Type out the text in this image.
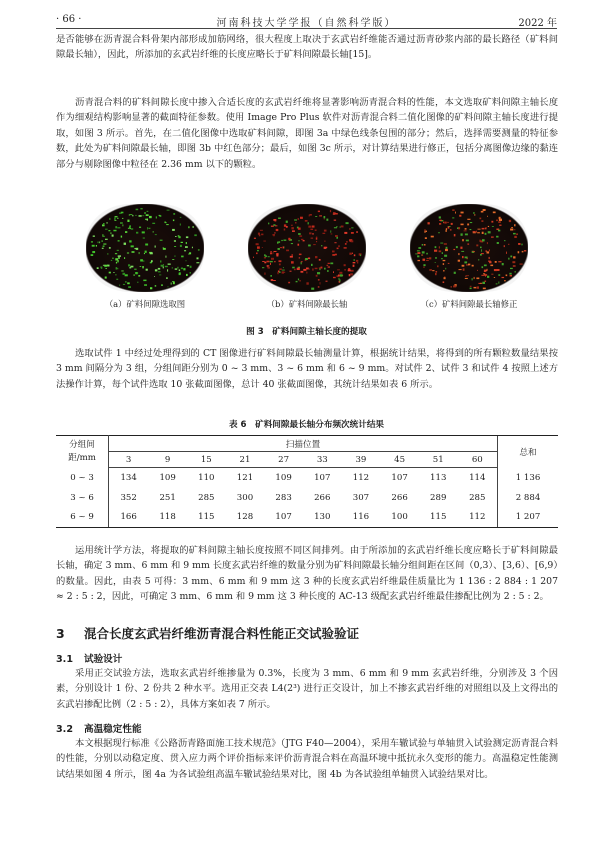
· 66 ·	河南科技大学学报（自然科学版）	2022 年

是否能够在沥青混合料骨架内部形成加筋网络，很大程度上取决于玄武岩纤维能否通过沥青砂浆内部的最长路径（矿料间隙最长轴），因此，所添加的玄武岩纤维的长度应略长于矿料间隙最长轴[15]。

沥青混合料的矿料间隙长度中掺入合适长度的玄武岩纤维将显著影响沥青混合料的性能，本文选取矿料间隙主轴长度作为细观结构影响显著的截面特征参数。使用 Image Pro Plus 软件对沥青混合料二值化图像的矿料间隙主轴长度进行提取，如图 3 所示。首先，在二值化图像中选取矿料间隙，即图 3a 中绿色线条包围的部分；然后，选择需要测量的特征参数，此处为矿料间隙最长轴，即图 3b 中红色部分；最后，如图 3c 所示，对计算结果进行修正，包括分离图像边缘的黏连部分与剔除图像中粒径在 2.36 mm 以下的颗粒。

（a）矿料间隙选取图	（b）矿料间隙最长轴	（c）矿料间隙最长轴修正
图 3　矿料间隙主轴长度的提取

选取试件 1 中经过处理得到的 CT 图像进行矿料间隙最长轴测量计算，根据统计结果，将得到的所有颗粒数量结果按 3 mm 间隔分为 3 组，分组间距分别为 0 ~ 3 mm、3 ~ 6 mm 和 6 ~ 9 mm。对试件 2、试件 3 和试件 4 按照上述方法操作计算，每个试件选取 10 张截面图像，总计 40 张截面图像，其统计结果如表 6 所示。

表 6　矿料间隙最长轴分布频次统计结果
分组间
距/mm	扫描位置										总和
	3	9	15	21	27	33	39	45	51	60	
0 ~ 3	134	109	110	121	109	107	112	107	113	114	1 136
3 ~ 6	352	251	285	300	283	266	307	266	289	285	2 884
6 ~ 9	166	118	115	128	107	130	116	100	115	112	1 207

运用统计学方法，将提取的矿料间隙主轴长度按照不同区间排列。由于所添加的玄武岩纤维长度应略长于矿料间隙最长轴，确定 3 mm、6 mm 和 9 mm 长度玄武岩纤维的数量分别为矿料间隙最长轴分组间距在区间（0,3）、[3,6）、[6,9）的数量。因此，由表 5 可得：3 mm、6 mm 和 9 mm 这 3 种的长度玄武岩纤维最佳质量比为 1 136 : 2 884 : 1 207 ≈ 2 : 5 : 2，因此，可确定 3 mm、6 mm 和 9 mm 这 3 种长度的 AC-13 级配玄武岩纤维最佳掺配比例为 2 : 5 : 2。

3 混合长度玄武岩纤维沥青混合料性能正交试验验证
3.1 试验设计

采用正交试验方法，选取玄武岩纤维掺量为 0.3%，长度为 3 mm、6 mm 和 9 mm 玄武岩纤维，分别涉及 3 个因素，分别设计 1 份、2 份共 2 种水平。选用正交表 L4(2³) 进行正交设计，加上不掺玄武岩纤维的对照组以及上文得出的玄武岩掺配比例（2 : 5 : 2），具体方案如表 7 所示。

3.2 高温稳定性能

本文根据现行标准《公路沥青路面施工技术规范》（JTG F40—2004），采用车辙试验与单轴贯入试验测定沥青混合料的性能，分别以动稳定度、贯入应力两个评价指标来评价沥青混合料在高温环境中抵抗永久变形的能力。高温稳定性能测试结果如图 4 所示，图 4a 为各试验组高温车辙试验结果对比，图 4b 为各试验组单轴贯入试验结果对比。
